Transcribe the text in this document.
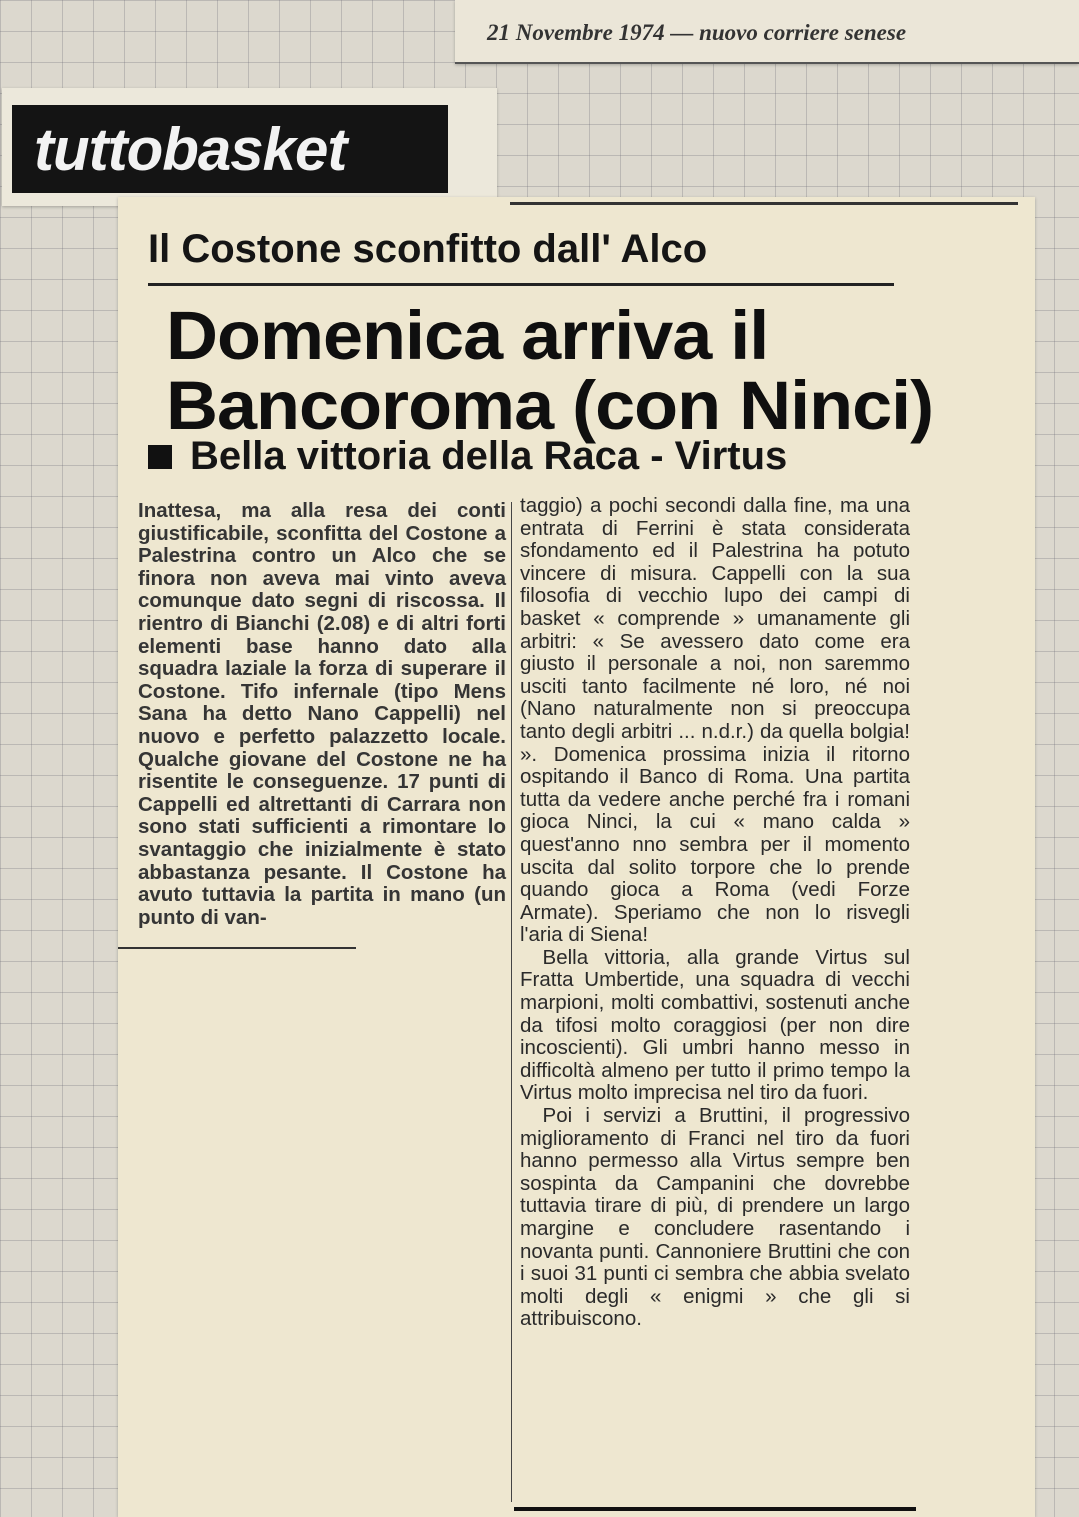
21 Novembre 1974 — nuovo corriere senese
tuttobasket
Il Costone sconfitto dall' Alco
Domenica arriva il
Bancoroma (con Ninci)
Bella vittoria della Raca - Virtus

Inattesa, ma alla resa dei conti giustificabile, sconfitta del Costone a Palestrina contro un Alco che se finora non aveva mai vinto aveva comunque dato segni di riscossa. Il rientro di Bianchi (2.08) e di altri forti elementi base hanno dato alla squadra laziale la forza di superare il Costone. Tifo infernale (tipo Mens Sana ha detto Nano Cappelli) nel nuovo e perfetto palazzetto locale. Qualche giovane del Costone ne ha risentite le conseguenze. 17 punti di Cappelli ed altrettanti di Carrara non sono stati sufficienti a rimontare lo svantaggio che inizialmente è stato abbastanza pesante. Il Costone ha avuto tuttavia la partita in mano (un punto di van-

taggio) a pochi secondi dalla fine, ma una entrata di Ferrini è stata considerata sfondamento ed il Palestrina ha potuto vincere di misura. Cappelli con la sua filosofia di vecchio lupo dei campi di basket « comprende » umanamente gli arbitri: « Se avessero dato come era giusto il personale a noi, non saremmo usciti tanto facilmente né loro, né noi (Nano naturalmente non si preoccupa tanto degli arbitri ... n.d.r.) da quella bolgia! ». Domenica prossima inizia il ritorno ospitando il Banco di Roma. Una partita tutta da vedere anche perché fra i romani gioca Ninci, la cui « mano calda » quest'anno nno sembra per il momento uscita dal solito torpore che lo prende quando gioca a Roma (vedi Forze Armate). Speriamo che non lo risvegli l'aria di Siena!

Bella vittoria, alla grande Virtus sul Fratta Umbertide, una squadra di vecchi marpioni, molti combattivi, sostenuti anche da tifosi molto coraggiosi (per non dire incoscienti). Gli umbri hanno messo in difficoltà almeno per tutto il primo tempo la Virtus molto imprecisa nel tiro da fuori.

Poi i servizi a Bruttini, il progressivo miglioramento di Franci nel tiro da fuori hanno permesso alla Virtus sempre ben sospinta da Campanini che dovrebbe tuttavia tirare di più, di prendere un largo margine e concludere rasentando i novanta punti. Cannoniere Bruttini che con i suoi 31 punti ci sembra che abbia svelato molti degli « enigmi » che gli si attribuiscono.
